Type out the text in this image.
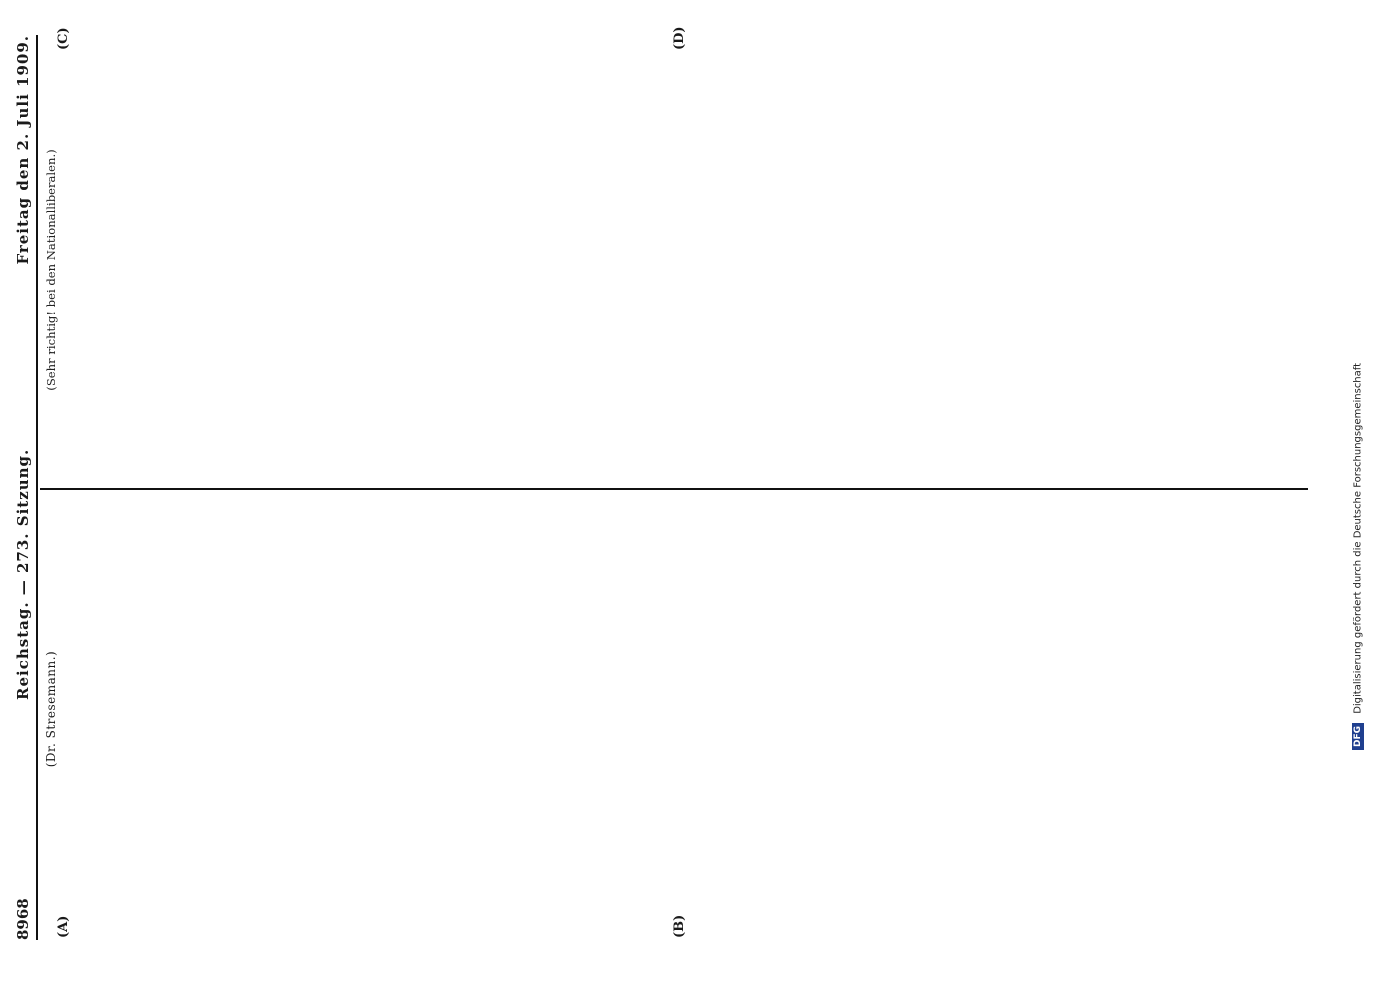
8968
Reichstag. — 273. Sitzung.
Freitag den 2. Juli 1909.
(A)	(B)
(C)	(D)

(Dr. Stresemann.)

(Sehr richtig! bei den Nationalliberalen.)

DFG Digitalisierung gefördert durch die Deutsche Forschungsgemeinschaft
